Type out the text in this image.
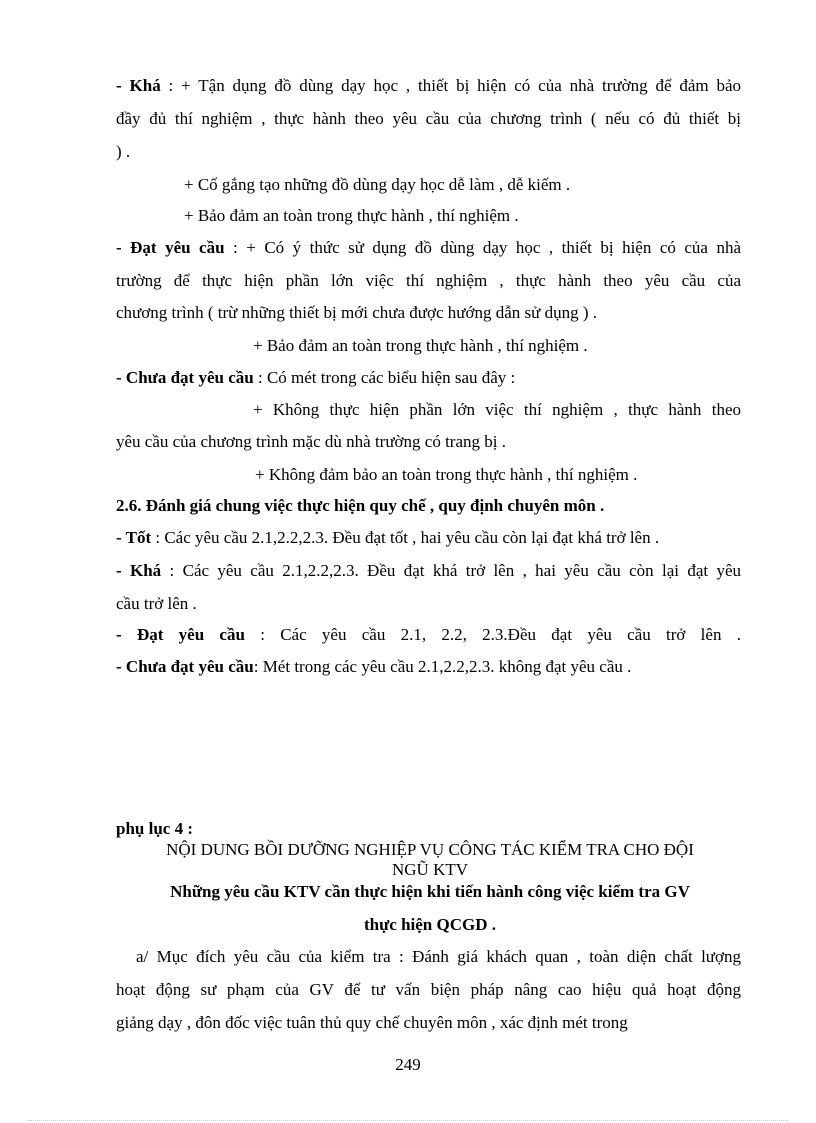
- Khá : + Tận dụng đồ dùng dạy học , thiết bị hiện có của nhà trường để đảm bảo
đầy đủ thí nghiệm , thực hành theo yêu cầu của chương trình ( nếu có đủ thiết bị
) .
+ Cố gắng tạo những đồ dùng dạy học dễ làm , dễ kiếm .
+ Bảo đảm an toàn trong thực hành , thí nghiệm .
- Đạt yêu cầu : + Có ý thức sử dụng đồ dùng dạy học , thiết bị hiện có của nhà
trường để thực hiện phần lớn việc thí nghiệm , thực hành theo yêu cầu của
chương trình ( trừ những thiết bị mới chưa được hướng dẫn sử dụng ) .
+ Bảo đảm an toàn trong thực hành , thí nghiệm .
- Chưa đạt yêu cầu : Có mét trong các biểu hiện sau đây :
+ Không thực hiện phần lớn việc thí nghiệm , thực hành theo
yêu cầu của chương trình mặc dù nhà trường có trang bị .
+ Không đảm bảo an toàn trong thực hành , thí nghiệm .
2.6. Đánh giá chung việc thực hiện quy chế , quy định chuyên môn .
- Tốt : Các yêu cầu 2.1,2.2,2.3. Đều đạt tốt , hai yêu cầu còn lại đạt khá trở lên .
- Khá : Các yêu cầu 2.1,2.2,2.3. Đều đạt khá trở lên , hai yêu cầu còn lại đạt yêu
cầu trở lên .
- Đạt yêu cầu : Các yêu cầu 2.1, 2.2, 2.3.Đều đạt yêu cầu trở lên .
- Chưa đạt yêu cầu: Mét trong các yêu cầu 2.1,2.2,2.3. không đạt yêu cầu .
phụ lục 4 :
NỘI DUNG BỒI DƯỠNG NGHIỆP VỤ CÔNG TÁC KIỂM TRA CHO ĐỘI
NGŨ KTV
Những yêu cầu KTV cần thực hiện khi tiến hành công việc kiểm tra GV
thực hiện QCGD .
a/ Mục đích yêu cầu của kiểm tra : Đánh giá khách quan , toàn diện chất lượng
hoạt động sư phạm của GV để tư vấn biện pháp nâng cao hiệu quả hoạt động
giảng dạy , đôn đốc việc tuân thủ quy chế chuyên môn , xác định mét trong
249
